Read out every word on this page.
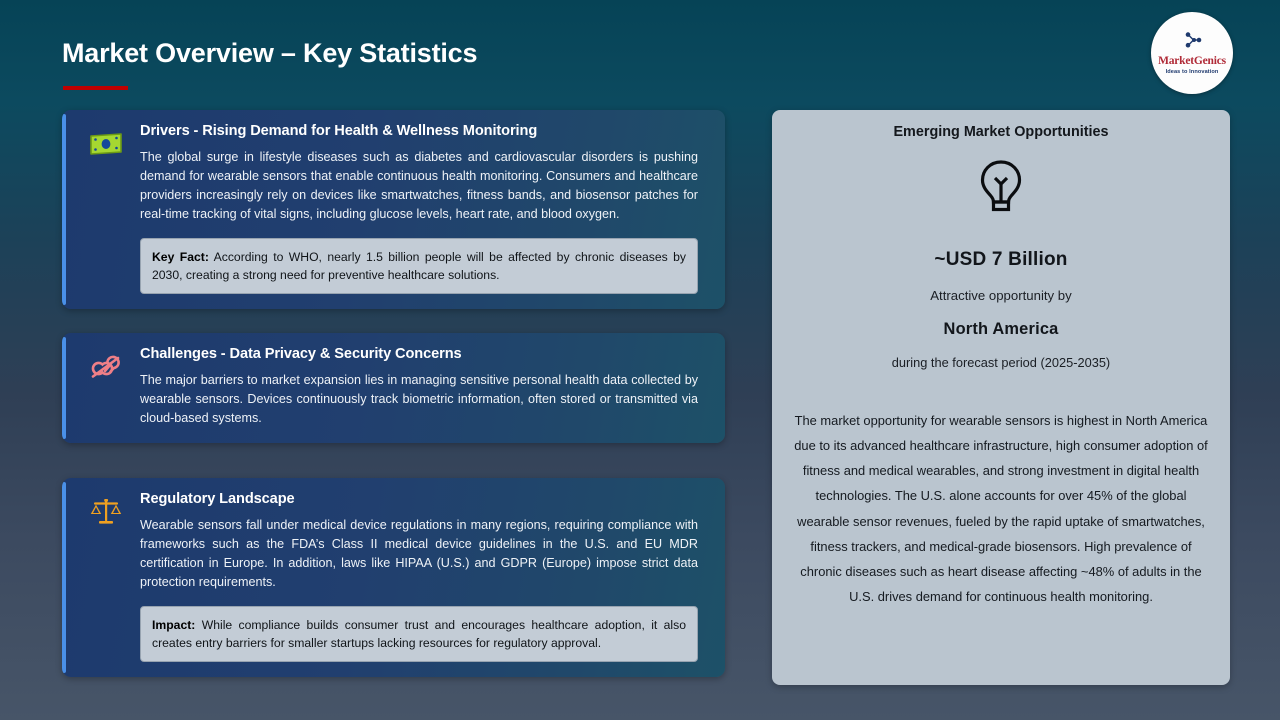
Market Overview – Key Statistics	MarketGenics
Ideas to Innovation
Drivers - Rising Demand for Health & Wellness Monitoring
The global surge in lifestyle diseases such as diabetes and cardiovascular disorders is pushing demand for wearable sensors that enable continuous health monitoring. Consumers and healthcare providers increasingly rely on devices like smartwatches, fitness bands, and biosensor patches for real-time tracking of vital signs, including glucose levels, heart rate, and blood oxygen.
Key Fact: According to WHO, nearly 1.5 billion people will be affected by chronic diseases by 2030, creating a strong need for preventive healthcare solutions.
Challenges - Data Privacy & Security Concerns
The major barriers to market expansion lies in managing sensitive personal health data collected by wearable sensors. Devices continuously track biometric information, often stored or transmitted via cloud-based systems.
Regulatory Landscape
Wearable sensors fall under medical device regulations in many regions, requiring compliance with frameworks such as the FDA’s Class II medical device guidelines in the U.S. and EU MDR certification in Europe. In addition, laws like HIPAA (U.S.) and GDPR (Europe) impose strict data protection requirements.
Impact: While compliance builds consumer trust and encourages healthcare adoption, it also creates entry barriers for smaller startups lacking resources for regulatory approval.
Emerging Market Opportunities
~USD 7 Billion
Attractive opportunity by
North America
during the forecast period (2025-2035)
The market opportunity for wearable sensors is highest in North America due to its advanced healthcare infrastructure, high consumer adoption of fitness and medical wearables, and strong investment in digital health technologies. The U.S. alone accounts for over 45% of the global wearable sensor revenues, fueled by the rapid uptake of smartwatches, fitness trackers, and medical-grade biosensors. High prevalence of chronic diseases such as heart disease affecting ~48% of adults in the U.S. drives demand for continuous health monitoring.
